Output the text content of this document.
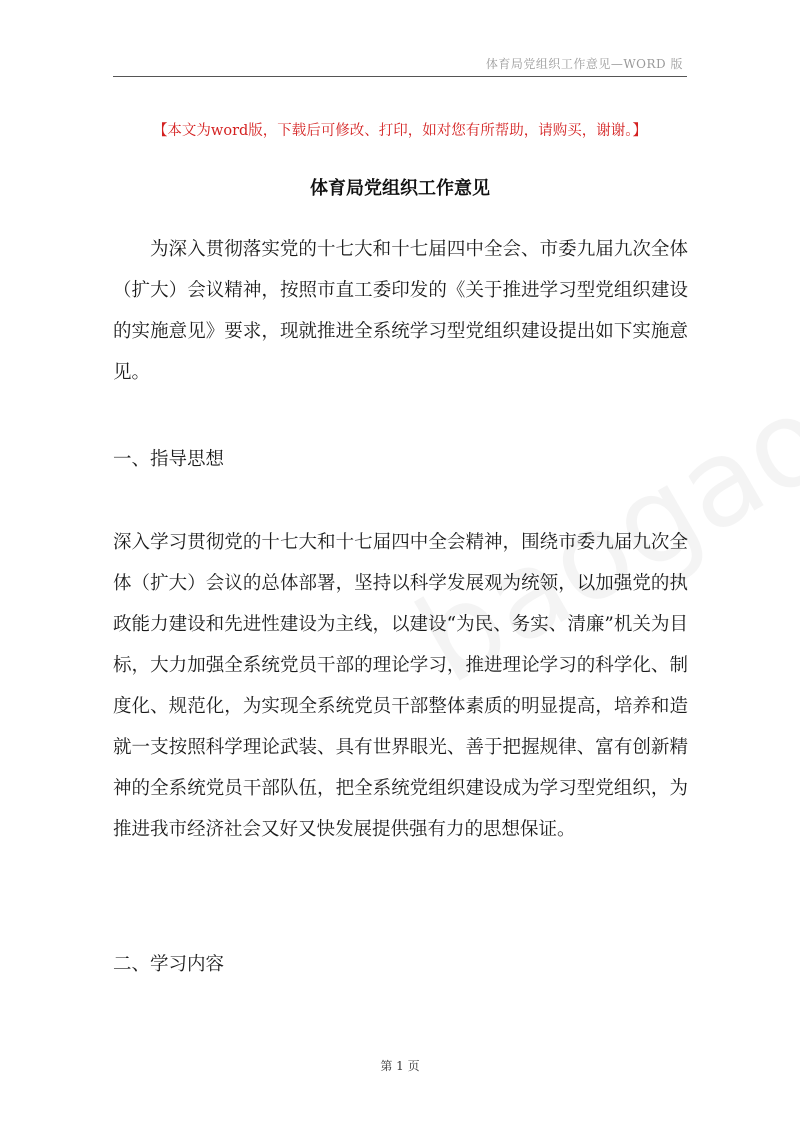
体育局党组织工作意见—WORD 版
【本文为word版，下载后可修改、打印，如对您有所帮助，请购买，谢谢。】
体育局党组织工作意见

为深入贯彻落实党的十七大和十七届四中全会、市委九届九次全体（扩大）会议精神，按照市直工委印发的《关于推进学习型党组织建设的实施意见》要求，现就推进全系统学习型党组织建设提出如下实施意见。

一、指导思想

深入学习贯彻党的十七大和十七届四中全会精神，围绕市委九届九次全体（扩大）会议的总体部署，坚持以科学发展观为统领，以加强党的执政能力建设和先进性建设为主线，以建设“为民、务实、清廉”机关为目标，大力加强全系统党员干部的理论学习，推进理论学习的科学化、制度化、规范化，为实现全系统党员干部整体素质的明显提高，培养和造就一支按照科学理论武装、具有世界眼光、善于把握规律、富有创新精神的全系统党员干部队伍，把全系统党组织建设成为学习型党组织，为推进我市经济社会又好又快发展提供强有力的思想保证。

二、学习内容

第 1 页
